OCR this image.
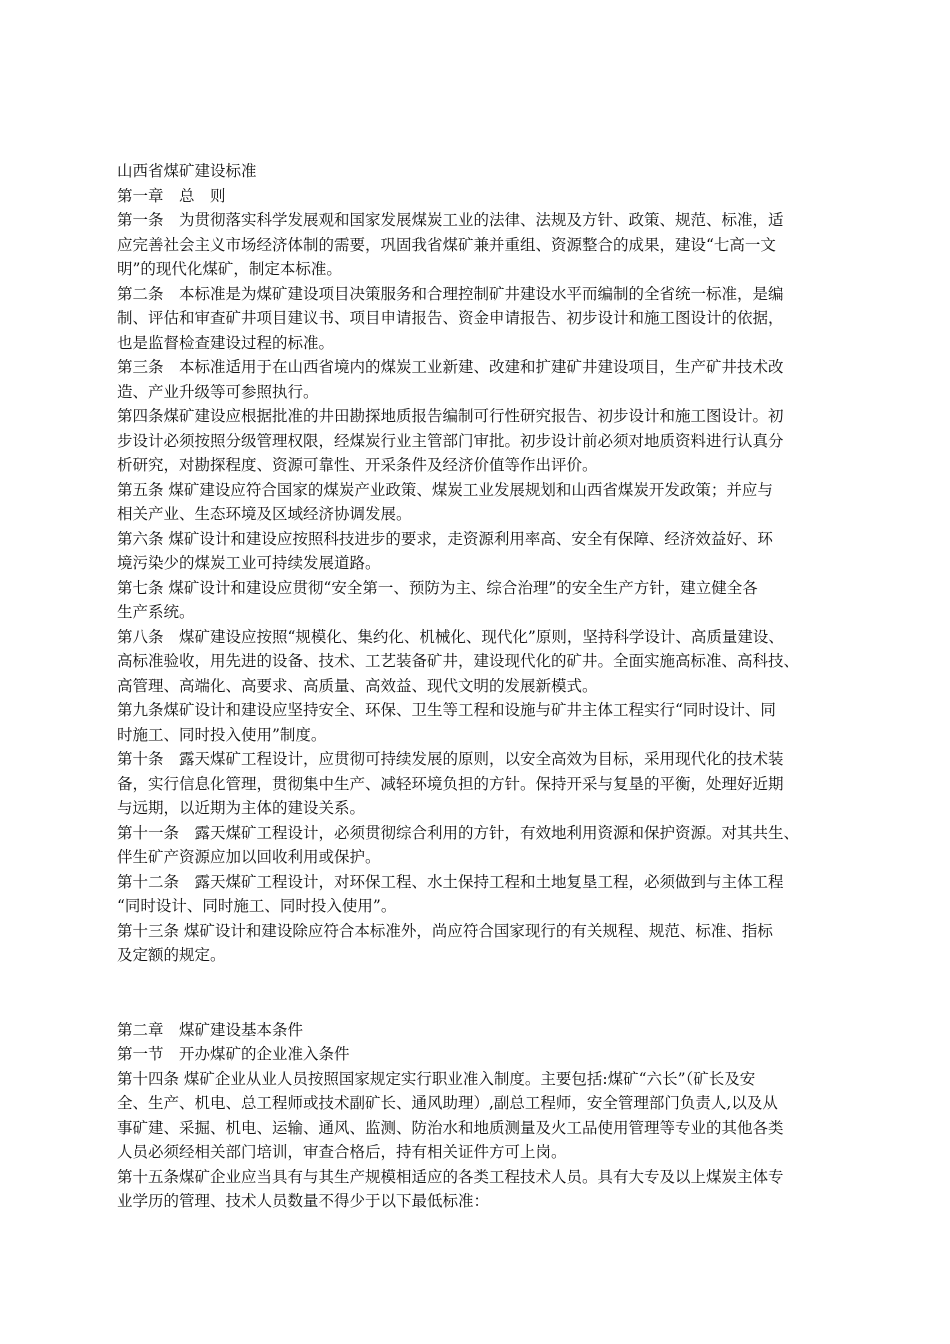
山西省煤矿建设标准
第一章　总　则
第一条　为贯彻落实科学发展观和国家发展煤炭工业的法律、法规及方针、政策、规范、标准，适
应完善社会主义市场经济体制的需要，巩固我省煤矿兼并重组、资源整合的成果，建设“七高一文
明”的现代化煤矿，制定本标准。
第二条　本标准是为煤矿建设项目决策服务和合理控制矿井建设水平而编制的全省统一标准，是编
制、评估和审查矿井项目建议书、项目申请报告、资金申请报告、初步设计和施工图设计的依据，
也是监督检查建设过程的标准。
第三条　本标准适用于在山西省境内的煤炭工业新建、改建和扩建矿井建设项目，生产矿井技术改
造、产业升级等可参照执行。
第四条煤矿建设应根据批准的井田勘探地质报告编制可行性研究报告、初步设计和施工图设计。初
步设计必须按照分级管理权限，经煤炭行业主管部门审批。初步设计前必须对地质资料进行认真分
析研究，对勘探程度、资源可靠性、开采条件及经济价值等作出评价。
第五条 煤矿建设应符合国家的煤炭产业政策、煤炭工业发展规划和山西省煤炭开发政策；并应与
相关产业、生态环境及区域经济协调发展。
第六条 煤矿设计和建设应按照科技进步的要求，走资源利用率高、安全有保障、经济效益好、环
境污染少的煤炭工业可持续发展道路。
第七条 煤矿设计和建设应贯彻“安全第一、预防为主、综合治理”的安全生产方针，建立健全各
生产系统。
第八条　煤矿建设应按照“规模化、集约化、机械化、现代化”原则，坚持科学设计、高质量建设、
高标准验收，用先进的设备、技术、工艺装备矿井，建设现代化的矿井。全面实施高标准、高科技、
高管理、高端化、高要求、高质量、高效益、现代文明的发展新模式。
第九条煤矿设计和建设应坚持安全、环保、卫生等工程和设施与矿井主体工程实行“同时设计、同
时施工、同时投入使用”制度。
第十条　露天煤矿工程设计，应贯彻可持续发展的原则，以安全高效为目标，采用现代化的技术装
备，实行信息化管理，贯彻集中生产、减轻环境负担的方针。保持开采与复垦的平衡，处理好近期
与远期，以近期为主体的建设关系。
第十一条　露天煤矿工程设计，必须贯彻综合利用的方针，有效地利用资源和保护资源。对其共生、
伴生矿产资源应加以回收利用或保护。
第十二条　露天煤矿工程设计，对环保工程、水土保持工程和土地复垦工程，必须做到与主体工程
“同时设计、同时施工、同时投入使用”。
第十三条 煤矿设计和建设除应符合本标准外，尚应符合国家现行的有关规程、规范、标准、指标
及定额的规定。
第二章　煤矿建设基本条件
第一节　开办煤矿的企业准入条件
第十四条 煤矿企业从业人员按照国家规定实行职业准入制度。主要包括:煤矿“六长”（矿长及安
全、生产、机电、总工程师或技术副矿长、通风助理）,副总工程师，安全管理部门负责人,以及从
事矿建、采掘、机电、运输、通风、监测、防治水和地质测量及火工品使用管理等专业的其他各类
人员必须经相关部门培训，审查合格后，持有相关证件方可上岗。
第十五条煤矿企业应当具有与其生产规模相适应的各类工程技术人员。具有大专及以上煤炭主体专
业学历的管理、技术人员数量不得少于以下最低标准：
